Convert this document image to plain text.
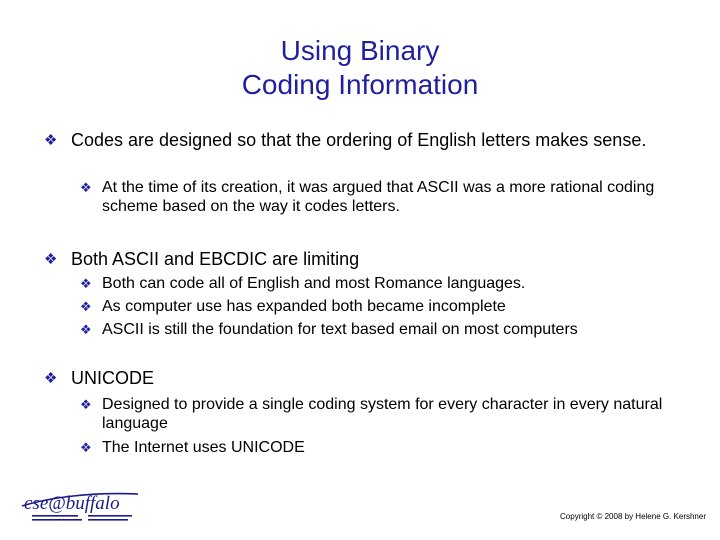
Using Binary
Coding Information
❖ Codes are designed so that the ordering of English letters makes sense.
❖ At the time of its creation, it was argued that ASCII was a more rational coding scheme based on the way it codes letters.
❖ Both ASCII and EBCDIC are limiting
❖ Both can code all of English and most Romance languages.
❖ As computer use has expanded both became incomplete
❖ ASCII is still the foundation for text based email on most computers
❖ UNICODE
❖ Designed to provide a single coding system for every character in every natural language
❖ The Internet uses UNICODE
cse@buffalo
Copyright © 2008 by Helene G. Kershner
